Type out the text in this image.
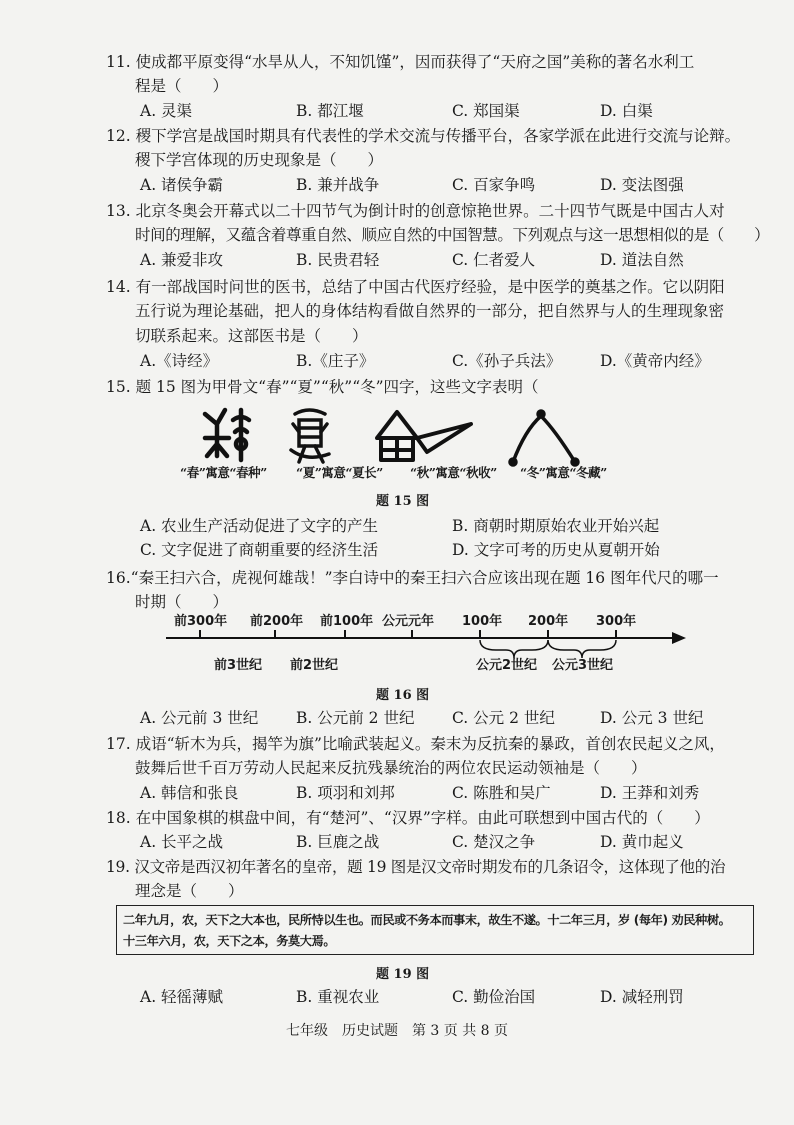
11. 使成都平原变得“水旱从人，不知饥馑”，因而获得了“天府之国”美称的著名水利工
程是（　　）
A. 灵渠	B. 都江堰	C. 郑国渠	D. 白渠
12. 稷下学宫是战国时期具有代表性的学术交流与传播平台，各家学派在此进行交流与论辩。
稷下学宫体现的历史现象是（　　）
A. 诸侯争霸	B. 兼并战争	C. 百家争鸣	D. 变法图强
13. 北京冬奥会开幕式以二十四节气为倒计时的创意惊艳世界。二十四节气既是中国古人对
时间的理解，又蕴含着尊重自然、顺应自然的中国智慧。下列观点与这一思想相似的是（　　）
A. 兼爱非攻	B. 民贵君轻	C. 仁者爱人	D. 道法自然
14. 有一部战国时问世的医书，总结了中国古代医疗经验，是中医学的奠基之作。它以阴阳
五行说为理论基础，把人的身体结构看做自然界的一部分，把自然界与人的生理现象密
切联系起来。这部医书是（　　）
A.《诗经》	B.《庄子》	C.《孙子兵法》	D.《黄帝内经》
15. 题 15 图为甲骨文“春”“夏”“秋”“冬”四字，这些文字表明（
“春”寓意“春种” “夏”寓意“夏长” “秋”寓意“秋收” “冬”寓意“冬藏”
题 15 图
A. 农业生产活动促进了文字的产生	B. 商朝时期原始农业开始兴起
C. 文字促进了商朝重要的经济生活	D. 文字可考的历史从夏朝开始
16.“秦王扫六合，虎视何雄哉！”李白诗中的秦王扫六合应该出现在题 16 图年代尺的哪一
时期（　　）
前300年 前200年 前100年 公元元年 100年 200年 300年
前3世纪 前2世纪	公元2世纪 公元3世纪
题 16 图
A. 公元前 3 世纪 B. 公元前 2 世纪 C. 公元 2 世纪	D. 公元 3 世纪
17. 成语“斩木为兵，揭竿为旗”比喻武装起义。秦末为反抗秦的暴政，首创农民起义之风，
鼓舞后世千百万劳动人民起来反抗残暴统治的两位农民运动领袖是（　　）
A. 韩信和张良	B. 项羽和刘邦	C. 陈胜和吴广	D. 王莽和刘秀
18. 在中国象棋的棋盘中间，有“楚河”、“汉界”字样。由此可联想到中国古代的（　　）
A. 长平之战	B. 巨鹿之战	C. 楚汉之争	D. 黄巾起义
19. 汉文帝是西汉初年著名的皇帝，题 19 图是汉文帝时期发布的几条诏令，这体现了他的治
理念是（　　）
二年九月，农，天下之大本也，民所恃以生也。而民或不务本而事末，故生不遂。十二年三月，岁 (每年) 劝民种树。
十三年六月，农，天下之本，务莫大焉。
题 19 图
A. 轻徭薄赋	B. 重视农业	C. 勤俭治国	D. 减轻刑罚
七年级　历史试题　第 3 页 共 8 页
